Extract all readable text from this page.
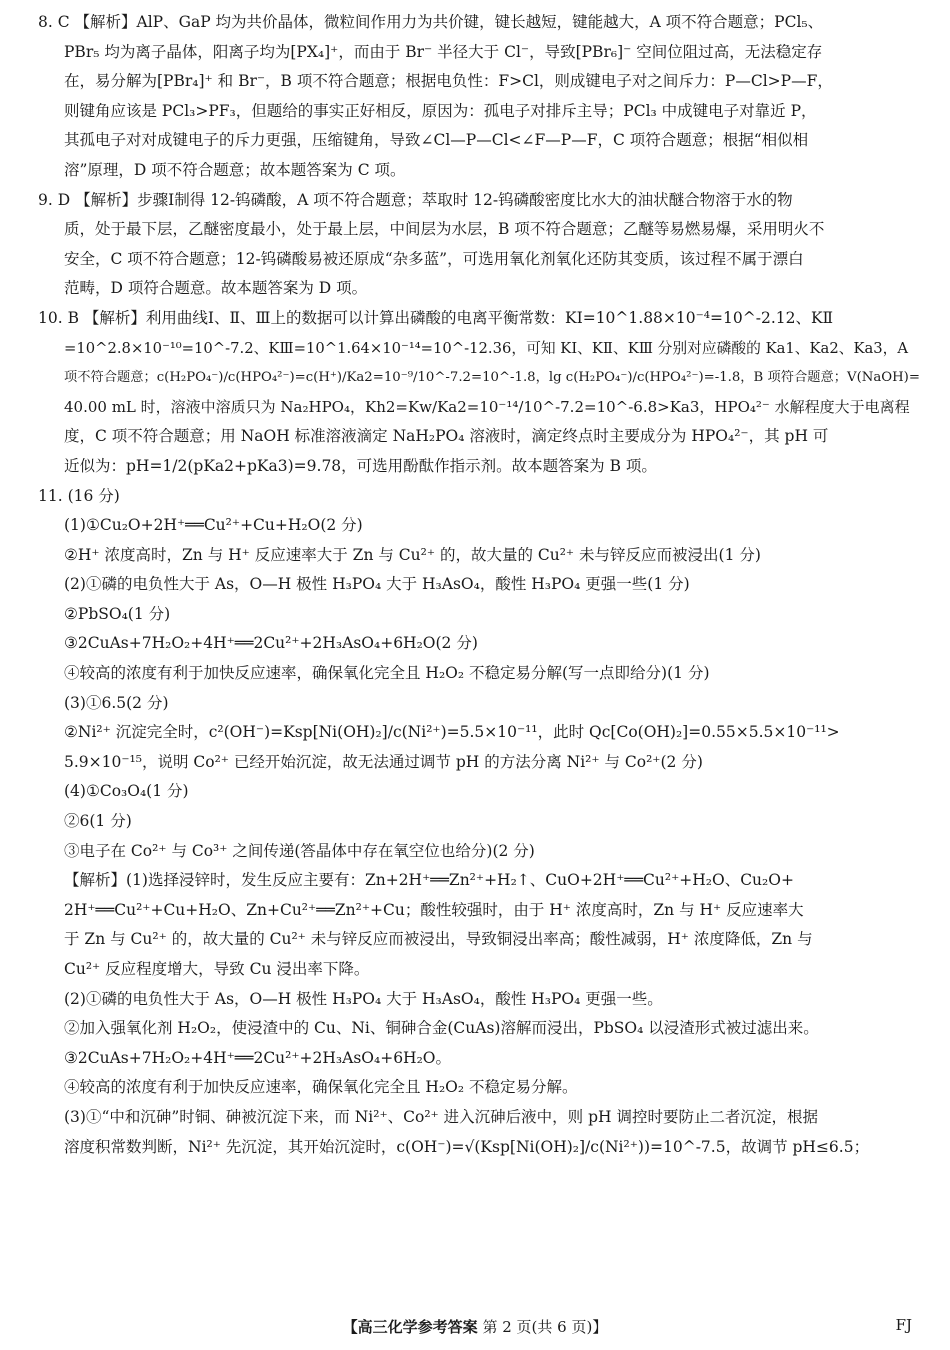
8. C 【解析】AlP、GaP 均为共价晶体，微粒间作用力为共价键，键长越短，键能越大，A 项不符合题意；PCl₅、

PBr₅ 均为离子晶体，阳离子均为[PX₄]⁺，而由于 Br⁻ 半径大于 Cl⁻，导致[PBr₆]⁻ 空间位阻过高，无法稳定存

在，易分解为[PBr₄]⁺ 和 Br⁻，B 项不符合题意；根据电负性：F>Cl，则成键电子对之间斥力：P—Cl>P—F，

则键角应该是 PCl₃>PF₃，但题给的事实正好相反，原因为：孤电子对排斥主导；PCl₃ 中成键电子对靠近 P，

其孤电子对对成键电子的斥力更强，压缩键角，导致∠Cl—P—Cl<∠F—P—F，C 项符合题意；根据“相似相

溶”原理，D 项不符合题意；故本题答案为 C 项。

9. D 【解析】步骤Ⅰ制得 12-钨磷酸，A 项不符合题意；萃取时 12-钨磷酸密度比水大的油状醚合物溶于水的物

质，处于最下层，乙醚密度最小，处于最上层，中间层为水层，B 项不符合题意；乙醚等易燃易爆，采用明火不

安全，C 项不符合题意；12-钨磷酸易被还原成“杂多蓝”，可选用氧化剂氧化还防其变质，该过程不属于漂白

范畴，D 项符合题意。故本题答案为 D 项。

10. B 【解析】利用曲线Ⅰ、Ⅱ、Ⅲ上的数据可以计算出磷酸的电离平衡常数：KⅠ=10^1.88×10⁻⁴=10^-2.12、KⅡ

=10^2.8×10⁻¹⁰=10^-7.2、KⅢ=10^1.64×10⁻¹⁴=10^-12.36，可知 KⅠ、KⅡ、KⅢ 分别对应磷酸的 Ka1、Ka2、Ka3，A

项不符合题意；c(H₂PO₄⁻)/c(HPO₄²⁻)=c(H⁺)/Ka2=10⁻⁹/10^-7.2=10^-1.8，lg c(H₂PO₄⁻)/c(HPO₄²⁻)=-1.8，B 项符合题意；V(NaOH)=

40.00 mL 时，溶液中溶质只为 Na₂HPO₄，Kh2=Kw/Ka2=10⁻¹⁴/10^-7.2=10^-6.8>Ka3，HPO₄²⁻ 水解程度大于电离程

度，C 项不符合题意；用 NaOH 标准溶液滴定 NaH₂PO₄ 溶液时，滴定终点时主要成分为 HPO₄²⁻，其 pH 可

近似为：pH=1/2(pKa2+pKa3)=9.78，可选用酚酞作指示剂。故本题答案为 B 项。

11. (16 分)

(1)①Cu₂O+2H⁺══Cu²⁺+Cu+H₂O(2 分)

②H⁺ 浓度高时，Zn 与 H⁺ 反应速率大于 Zn 与 Cu²⁺ 的，故大量的 Cu²⁺ 未与锌反应而被浸出(1 分)

(2)①磷的电负性大于 As，O—H 极性 H₃PO₄ 大于 H₃AsO₄，酸性 H₃PO₄ 更强一些(1 分)

②PbSO₄(1 分)

③2CuAs+7H₂O₂+4H⁺══2Cu²⁺+2H₃AsO₄+6H₂O(2 分)

④较高的浓度有利于加快反应速率，确保氧化完全且 H₂O₂ 不稳定易分解(写一点即给分)(1 分)

(3)①6.5(2 分)

②Ni²⁺ 沉淀完全时，c²(OH⁻)=Ksp[Ni(OH)₂]/c(Ni²⁺)=5.5×10⁻¹¹，此时 Qc[Co(OH)₂]=0.55×5.5×10⁻¹¹>

5.9×10⁻¹⁵，说明 Co²⁺ 已经开始沉淀，故无法通过调节 pH 的方法分离 Ni²⁺ 与 Co²⁺(2 分)

(4)①Co₃O₄(1 分)

②6(1 分)

③电子在 Co²⁺ 与 Co³⁺ 之间传递(答晶体中存在氧空位也给分)(2 分)

【解析】(1)选择浸锌时，发生反应主要有：Zn+2H⁺══Zn²⁺+H₂↑、CuO+2H⁺══Cu²⁺+H₂O、Cu₂O+

2H⁺══Cu²⁺+Cu+H₂O、Zn+Cu²⁺══Zn²⁺+Cu；酸性较强时，由于 H⁺ 浓度高时，Zn 与 H⁺ 反应速率大

于 Zn 与 Cu²⁺ 的，故大量的 Cu²⁺ 未与锌反应而被浸出，导致铜浸出率高；酸性减弱，H⁺ 浓度降低，Zn 与

Cu²⁺ 反应程度增大，导致 Cu 浸出率下降。

(2)①磷的电负性大于 As，O—H 极性 H₃PO₄ 大于 H₃AsO₄，酸性 H₃PO₄ 更强一些。

②加入强氧化剂 H₂O₂，使浸渣中的 Cu、Ni、铜砷合金(CuAs)溶解而浸出，PbSO₄ 以浸渣形式被过滤出来。

③2CuAs+7H₂O₂+4H⁺══2Cu²⁺+2H₃AsO₄+6H₂O。

④较高的浓度有利于加快反应速率，确保氧化完全且 H₂O₂ 不稳定易分解。

(3)①“中和沉砷”时铜、砷被沉淀下来，而 Ni²⁺、Co²⁺ 进入沉砷后液中，则 pH 调控时要防止二者沉淀，根据

溶度积常数判断，Ni²⁺ 先沉淀，其开始沉淀时，c(OH⁻)=√(Ksp[Ni(OH)₂]/c(Ni²⁺))=10^-7.5，故调节 pH≤6.5；

【高三化学参考答案 第 2 页(共 6 页)】	FJ
